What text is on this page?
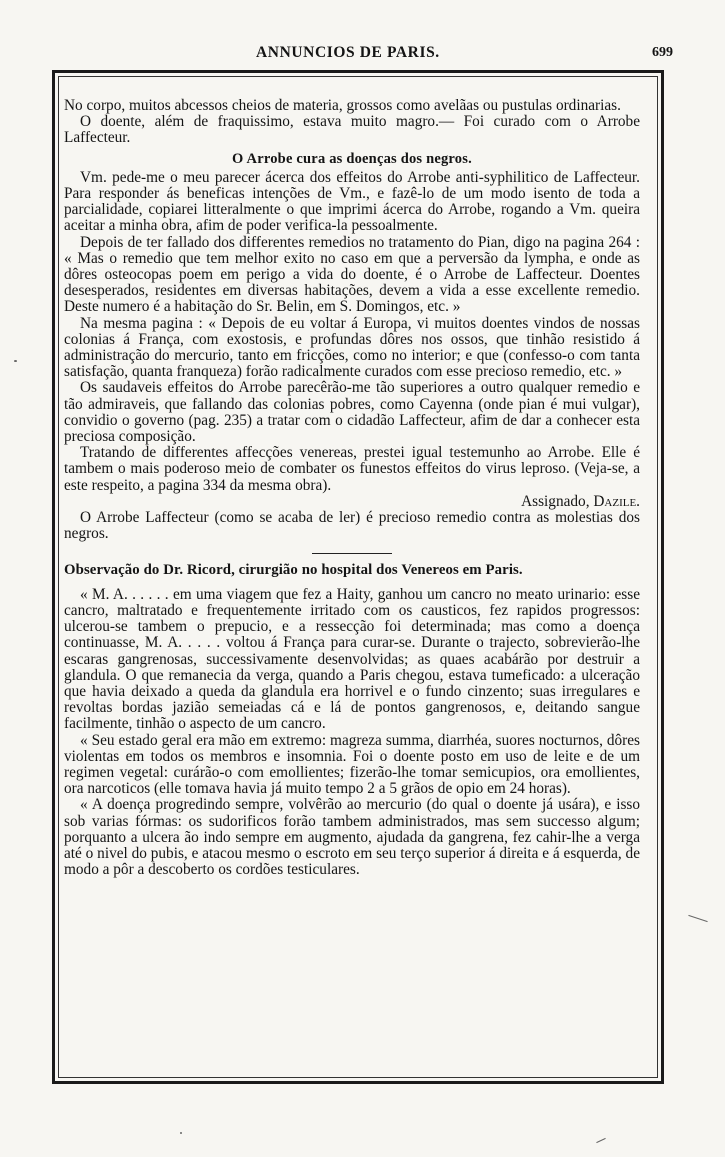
ANNUNCIOS DE PARIS.	699

No corpo, muitos abcessos cheios de materia, grossos como avelãas ou pustulas ordinarias.

O doente, além de fraquissimo, estava muito magro.— Foi curado com o Arrobe Laffecteur.

O Arrobe cura as doenças dos negros.

Vm. pede-me o meu parecer ácerca dos effeitos do Arrobe anti-syphilitico de Laffecteur. Para responder ás beneficas intenções de Vm., e fazê-lo de um modo isento de toda a parcialidade, copiarei litteralmente o que imprimi ácerca do Arrobe, rogando a Vm. queira aceitar a minha obra, afim de poder verifica-la pessoalmente.

Depois de ter fallado dos differentes remedios no tratamento do Pian, digo na pagina 264 : « Mas o remedio que tem melhor exito no caso em que a perversão da lympha, e onde as dôres osteocopas poem em perigo a vida do doente, é o Arrobe de Laffecteur. Doentes desesperados, residentes em diversas habitações, devem a vida a esse excellente remedio. Deste numero é a habitação do Sr. Belin, em S. Domingos, etc. »

Na mesma pagina : « Depois de eu voltar á Europa, vi muitos doentes vindos de nossas colonias á França, com exostosis, e profundas dôres nos ossos, que tinhão resistido á administração do mercurio, tanto em fricções, como no interior; e que (confesso-o com tanta satisfação, quanta franqueza) forão radicalmente curados com esse precioso remedio, etc. »

Os saudaveis effeitos do Arrobe parecêrão-me tão superiores a outro qualquer remedio e tão admiraveis, que fallando das colonias pobres, como Cayenna (onde pian é mui vulgar), convidio o governo (pag. 235) a tratar com o cidadão Laffecteur, afim de dar a conhecer esta preciosa composição.

Tratando de differentes affecções venereas, prestei igual testemunho ao Arrobe. Elle é tambem o mais poderoso meio de combater os funestos effeitos do virus leproso. (Veja-se, a este respeito, a pagina 334 da mesma obra).

Assignado, Dazile.

O Arrobe Laffecteur (como se acaba de ler) é precioso remedio contra as molestias dos negros.

Observação do Dr. Ricord, cirurgião no hospital dos Venereos em Paris.

« M. A. . . . . . em uma viagem que fez a Haity, ganhou um cancro no meato urinario: esse cancro, maltratado e frequentemente irritado com os causticos, fez rapidos progressos: ulcerou-se tambem o prepucio, e a ressecção foi determinada; mas como a doença continuasse, M. A. . . . . voltou á França para curar-se. Durante o trajecto, sobrevierão-lhe escaras gangrenosas, successivamente desenvolvidas; as quaes acabárão por destruir a glandula. O que remanecia da verga, quando a Paris chegou, estava tumeficado: a ulceração que havia deixado a queda da glandula era horrivel e o fundo cinzento; suas irregulares e revoltas bordas jazião semeiadas cá e lá de pontos gangrenosos, e, deitando sangue facilmente, tinhão o aspecto de um cancro.

« Seu estado geral era mão em extremo: magreza summa, diarrhéa, suores nocturnos, dôres violentas em todos os membros e insomnia. Foi o doente posto em uso de leite e de um regimen vegetal: curárão-o com emollientes; fizerão-lhe tomar semicupios, ora emollientes, ora narcoticos (elle tomava havia já muito tempo 2 a 5 grãos de opio em 24 horas).

« A doença progredindo sempre, volvêrão ao mercurio (do qual o doente já usára), e isso sob varias fórmas: os sudorificos forão tambem administrados, mas sem successo algum; porquanto a ulcera ão indo sempre em augmento, ajudada da gangrena, fez cahir-lhe a verga até o nivel do pubis, e atacou mesmo o escroto em seu terço superior á direita e á esquerda, de modo a pôr a descoberto os cordões testiculares.
